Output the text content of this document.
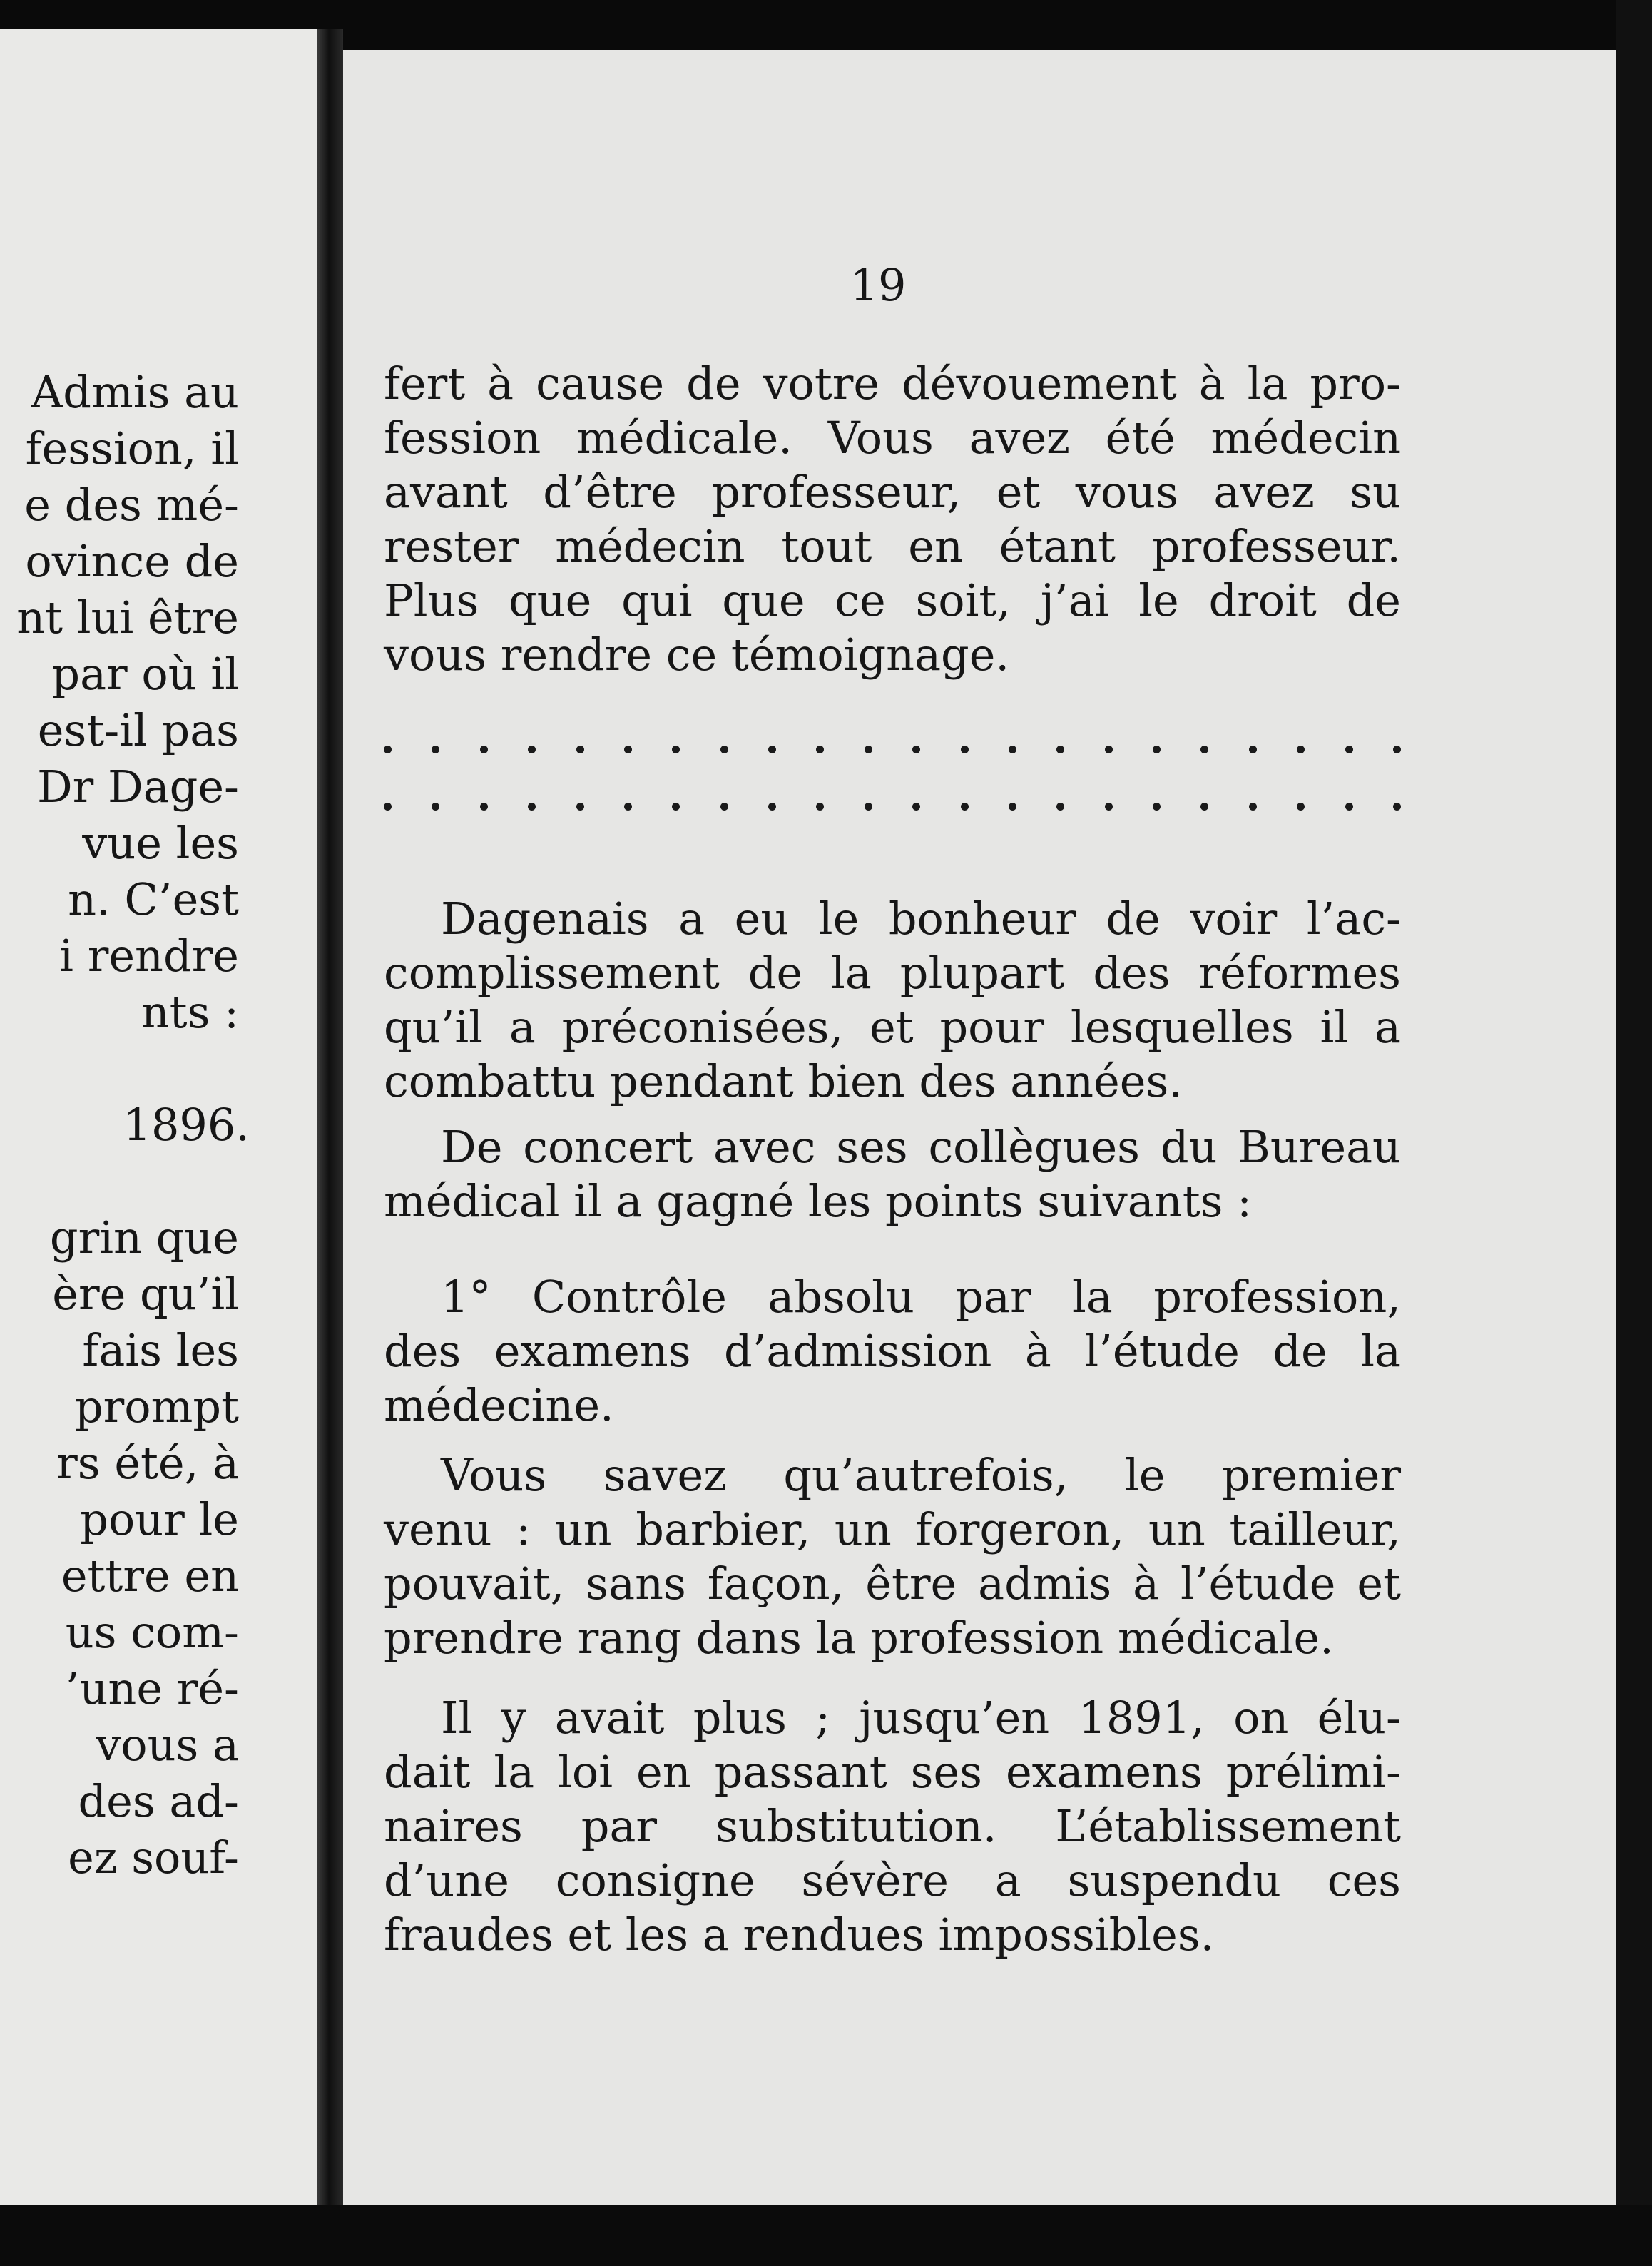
Admis au
fession, il
e des mé-
ovince de
nt lui être
par où il
est-il pas
Dr Dage-
vue les
n. C’est
i rendre
nts :
1896.
grin que
ère qu’il
fais les
prompt
rs été, à
pour le
ettre en
us com-
’une ré-
vous a
des ad-
ez souf-
19
fert à cause de votre dévouement à la pro-
fession médicale. Vous avez été médecin
avant d’être professeur, et vous avez su
rester médecin tout en étant professeur.
Plus que qui que ce soit, j’ai le droit de
vous rendre ce témoignage.
Dagenais a eu le bonheur de voir l’ac-
complissement de la plupart des réformes
qu’il a préconisées, et pour lesquelles il a
combattu pendant bien des années.
De concert avec ses collègues du Bureau
médical il a gagné les points suivants :
1° Contrôle absolu par la profession,
des examens d’admission à l’étude de la
médecine.
Vous savez qu’autrefois, le premier
venu : un barbier, un forgeron, un tailleur,
pouvait, sans façon, être admis à l’étude et
prendre rang dans la profession médicale.
Il y avait plus ; jusqu’en 1891, on élu-
dait la loi en passant ses examens prélimi-
naires par substitution. L’établissement
d’une consigne sévère a suspendu ces
fraudes et les a rendues impossibles.
